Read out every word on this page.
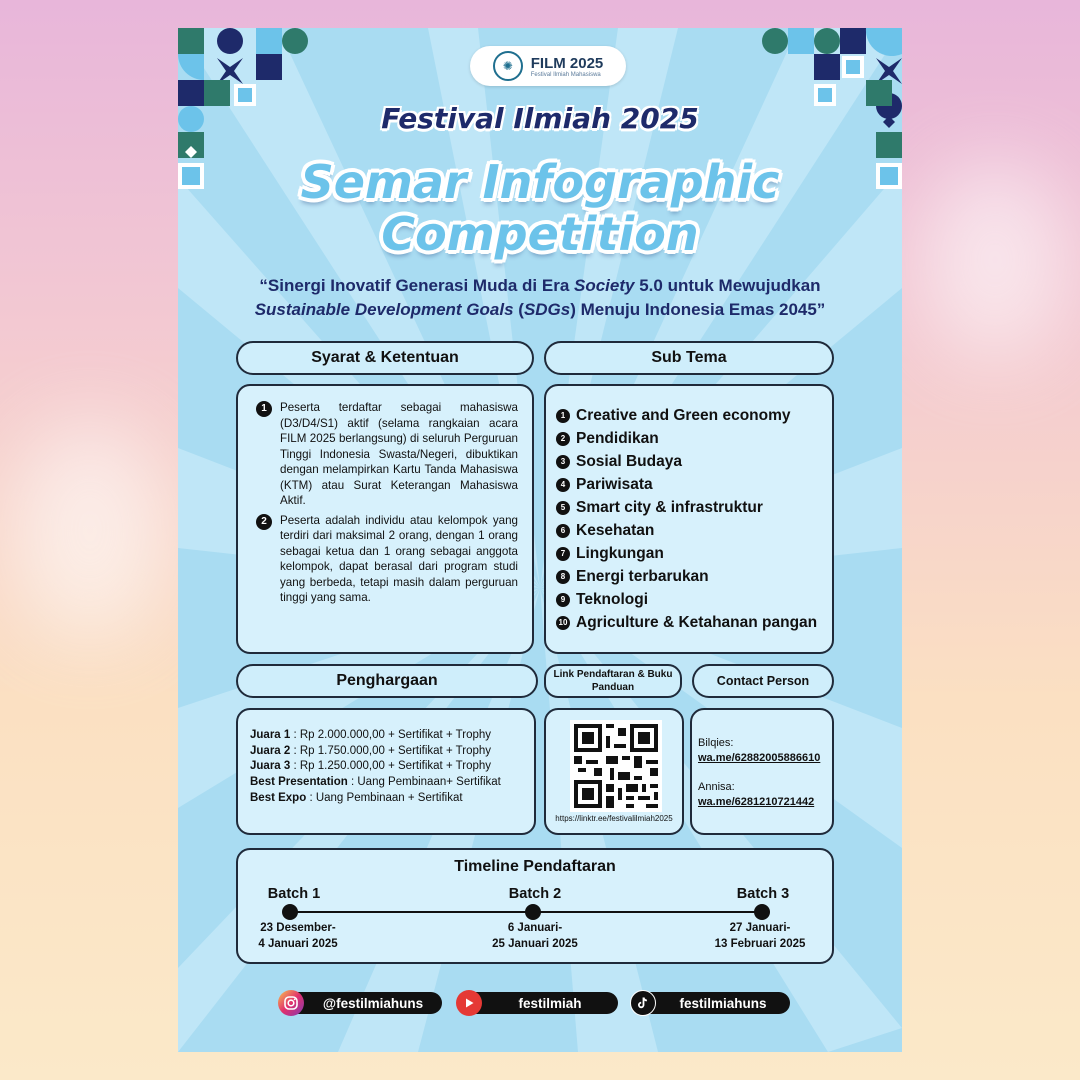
✺	FILM 2025
Festival Ilmiah Mahasiswa
Festival Ilmiah 2025
Semar Infographic
Competition
“Sinergi Inovatif Generasi Muda di Era Society 5.0 untuk Mewujudkan
Sustainable Development Goals (SDGs) Menuju Indonesia Emas 2045”
Syarat & Ketentuan
1	Peserta terdaftar sebagai mahasiswa (D3/D4/S1) aktif (selama rangkaian acara FILM 2025 berlangsung) di seluruh Perguruan Tinggi Indonesia Swasta/Negeri, dibuktikan dengan melampirkan Kartu Tanda Mahasiswa (KTM) atau Surat Keterangan Mahasiswa Aktif.
2	Peserta adalah individu atau kelompok yang terdiri dari maksimal 2 orang, dengan 1 orang sebagai ketua dan 1 orang sebagai anggota kelompok, dapat berasal dari program studi yang berbeda, tetapi masih dalam perguruan tinggi yang sama.
Sub Tema
1 Creative and Green economy
2 Pendidikan
3 Sosial Budaya
4 Pariwisata
5 Smart city & infrastruktur
6 Kesehatan
7 Lingkungan
8 Energi terbarukan
9 Teknologi
10 Agriculture & Ketahanan pangan
Penghargaan
Juara 1 : Rp 2.000.000,00 + Sertifikat + Trophy
Juara 2 : Rp 1.750.000,00 + Sertifikat + Trophy
Juara 3 : Rp 1.250.000,00 + Sertifikat + Trophy
Best Presentation : Uang Pembinaan+ Sertifikat
Best Expo : Uang Pembinaan + Sertifikat
Link Pendaftaran & Buku Panduan
https://linktr.ee/festivalilmiah2025
Contact Person
Bilqies:
wa.me/62882005886610
Annisa:
wa.me/6281210721442
Timeline Pendaftaran
Batch 1	Batch 2	Batch 3
23 Desember-
4 Januari 2025
6 Januari-
25 Januari 2025
27 Januari-
13 Februari 2025
@festilmiahuns	festilmiah	festilmiahuns
